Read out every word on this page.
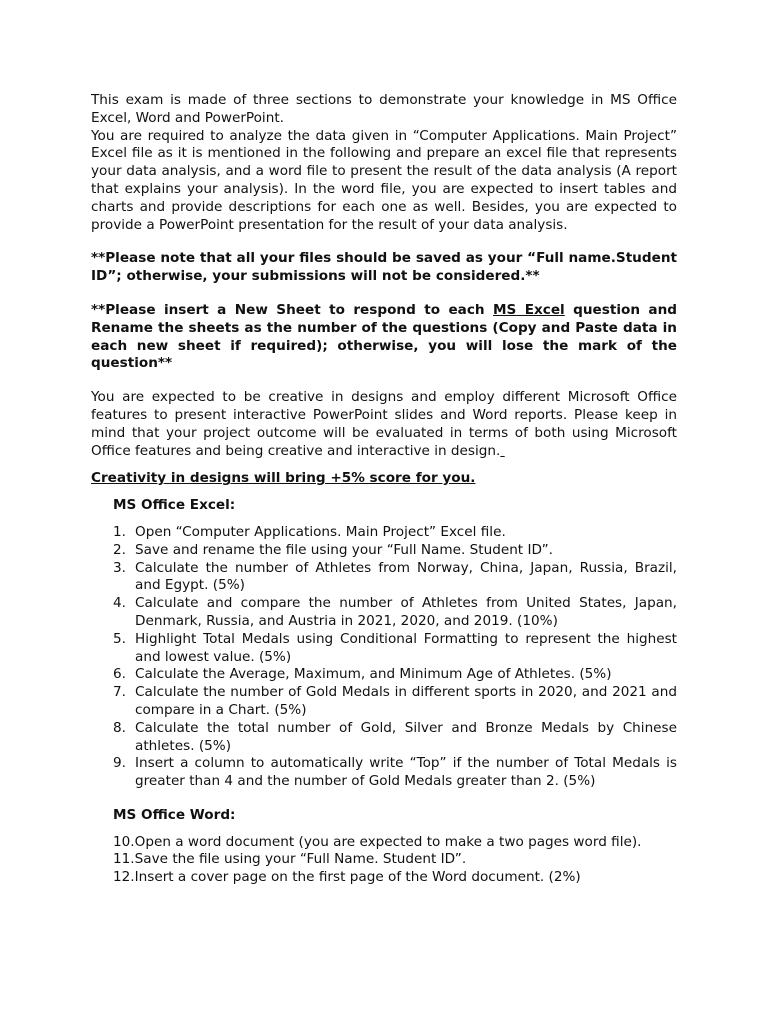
This exam is made of three sections to demonstrate your knowledge in MS Office Excel, Word and PowerPoint.

You are required to analyze the data given in “Computer Applications. Main Project” Excel file as it is mentioned in the following and prepare an excel file that represents your data analysis, and a word file to present the result of the data analysis (A report that explains your analysis). In the word file, you are expected to insert tables and charts and provide descriptions for each one as well. Besides, you are expected to provide a PowerPoint presentation for the result of your data analysis.

**Please note that all your files should be saved as your “Full name.Student ID”; otherwise, your submissions will not be considered.**

**Please insert a New Sheet to respond to each MS Excel question and Rename the sheets as the number of the questions (Copy and Paste data in each new sheet if required); otherwise, you will lose the mark of the question**

You are expected to be creative in designs and employ different Microsoft Office features to present interactive PowerPoint slides and Word reports. Please keep in mind that your project outcome will be evaluated in terms of both using Microsoft Office features and being creative and interactive in design.

Creativity in designs will bring +5% score for you.

MS Office Excel:
1. Open “Computer Applications. Main Project” Excel file.
2. Save and rename the file using your “Full Name. Student ID”.
3. Calculate the number of Athletes from Norway, China, Japan, Russia, Brazil, and Egypt. (5%)
4. Calculate and compare the number of Athletes from United States, Japan, Denmark, Russia, and Austria in 2021, 2020, and 2019. (10%)
5. Highlight Total Medals using Conditional Formatting to represent the highest and lowest value. (5%)
6. Calculate the Average, Maximum, and Minimum Age of Athletes. (5%)
7. Calculate the number of Gold Medals in different sports in 2020, and 2021 and compare in a Chart. (5%)
8. Calculate the total number of Gold, Silver and Bronze Medals by Chinese athletes. (5%)
9. Insert a column to automatically write “Top” if the number of Total Medals is greater than 4 and the number of Gold Medals greater than 2. (5%)
MS Office Word:
10.Open a word document (you are expected to make a two pages word file).
11.Save the file using your “Full Name. Student ID”.
12.Insert a cover page on the first page of the Word document. (2%)
